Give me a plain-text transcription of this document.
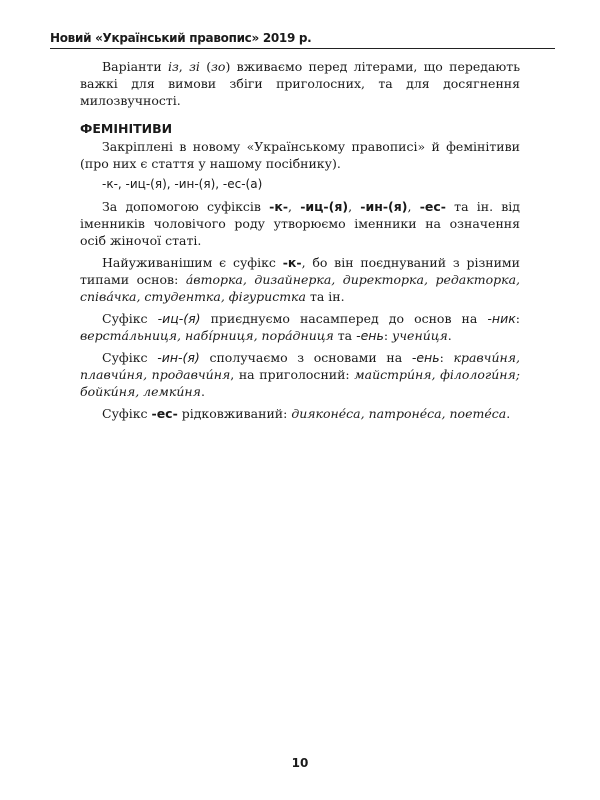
Новий «Український правопис» 2019 р.

Варіанти із, зі (зо) вживаємо перед літерами, що передають важкі для вимови збіги приголосних, та для досягнення милозвучності.

ФЕМІНІТИВИ

Закріплені в новому «Українському правописі» й фемінітиви (про них є стаття у нашому посібнику).

-к-, -иц-(я), -ин-(я), -ес-(а)

За допомогою суфіксів -к-, -иц-(я), -ин-(я), -ес- та ін. від іменників чоловічого роду утворюємо іменники на означення осіб жіночої статі.

Найуживанішим є суфікс -к-, бо він поєднуваний з різними типами основ: а́вторка, дизайнерка, директорка, редакторка, співа́чка, студентка, фігуристка та ін.

Суфікс -иц-(я) приєднуємо насамперед до основ на -ник: верста́льниця, набі́рниця, пора́дниця та -ень: учени́ця.

Суфікс -ин-(я) сполучаємо з основами на -ень: кравчи́ня, плавчи́ня, продавчи́ня, на приголосний: майстри́ня, філологи́ня; бойки́ня, лемки́ня.

Суфікс -ес- рідковживаний: дияконе́са, патроне́са, поете́са.

10
